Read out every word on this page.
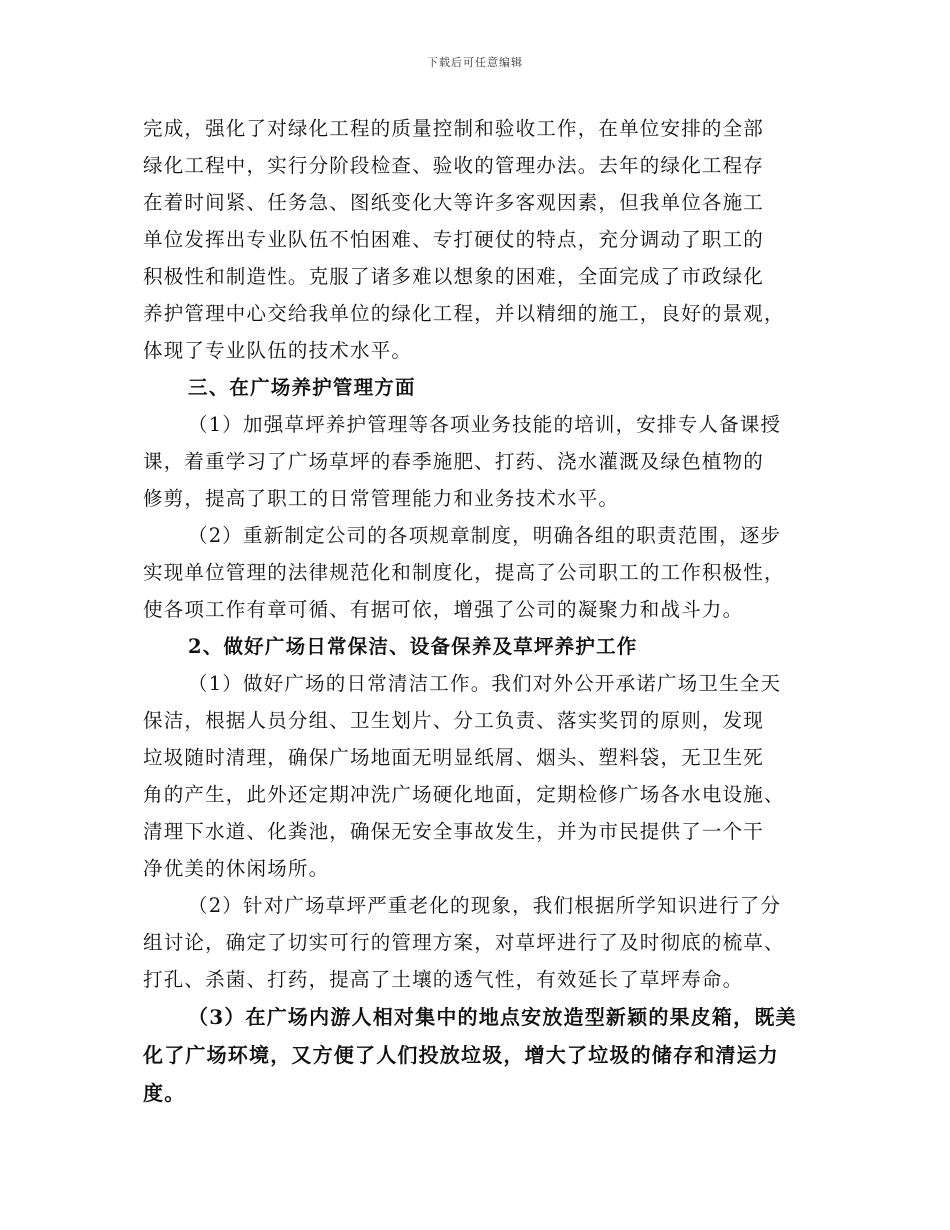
下载后可任意编辑
完成，强化了对绿化工程的质量控制和验收工作，在单位安排的全部
绿化工程中，实行分阶段检查、验收的管理办法。去年的绿化工程存
在着时间紧、任务急、图纸变化大等许多客观因素，但我单位各施工
单位发挥出专业队伍不怕困难、专打硬仗的特点，充分调动了职工的
积极性和制造性。克服了诸多难以想象的困难，全面完成了市政绿化
养护管理中心交给我单位的绿化工程，并以精细的施工，良好的景观，
体现了专业队伍的技术水平。
三、在广场养护管理方面
（1）加强草坪养护管理等各项业务技能的培训，安排专人备课授
课，着重学习了广场草坪的春季施肥、打药、浇水灌溉及绿色植物的
修剪，提高了职工的日常管理能力和业务技术水平。
（2）重新制定公司的各项规章制度，明确各组的职责范围，逐步
实现单位管理的法律规范化和制度化，提高了公司职工的工作积极性，
使各项工作有章可循、有据可依，增强了公司的凝聚力和战斗力。
2、做好广场日常保洁、设备保养及草坪养护工作
（1）做好广场的日常清洁工作。我们对外公开承诺广场卫生全天
保洁，根据人员分组、卫生划片、分工负责、落实奖罚的原则，发现
垃圾随时清理，确保广场地面无明显纸屑、烟头、塑料袋，无卫生死
角的产生，此外还定期冲洗广场硬化地面，定期检修广场各水电设施、
清理下水道、化粪池，确保无安全事故发生，并为市民提供了一个干
净优美的休闲场所。
（2）针对广场草坪严重老化的现象，我们根据所学知识进行了分
组讨论，确定了切实可行的管理方案，对草坪进行了及时彻底的梳草、
打孔、杀菌、打药，提高了土壤的透气性，有效延长了草坪寿命。
（3）在广场内游人相对集中的地点安放造型新颖的果皮箱，既美
化了广场环境，又方便了人们投放垃圾，增大了垃圾的储存和清运力
度。
